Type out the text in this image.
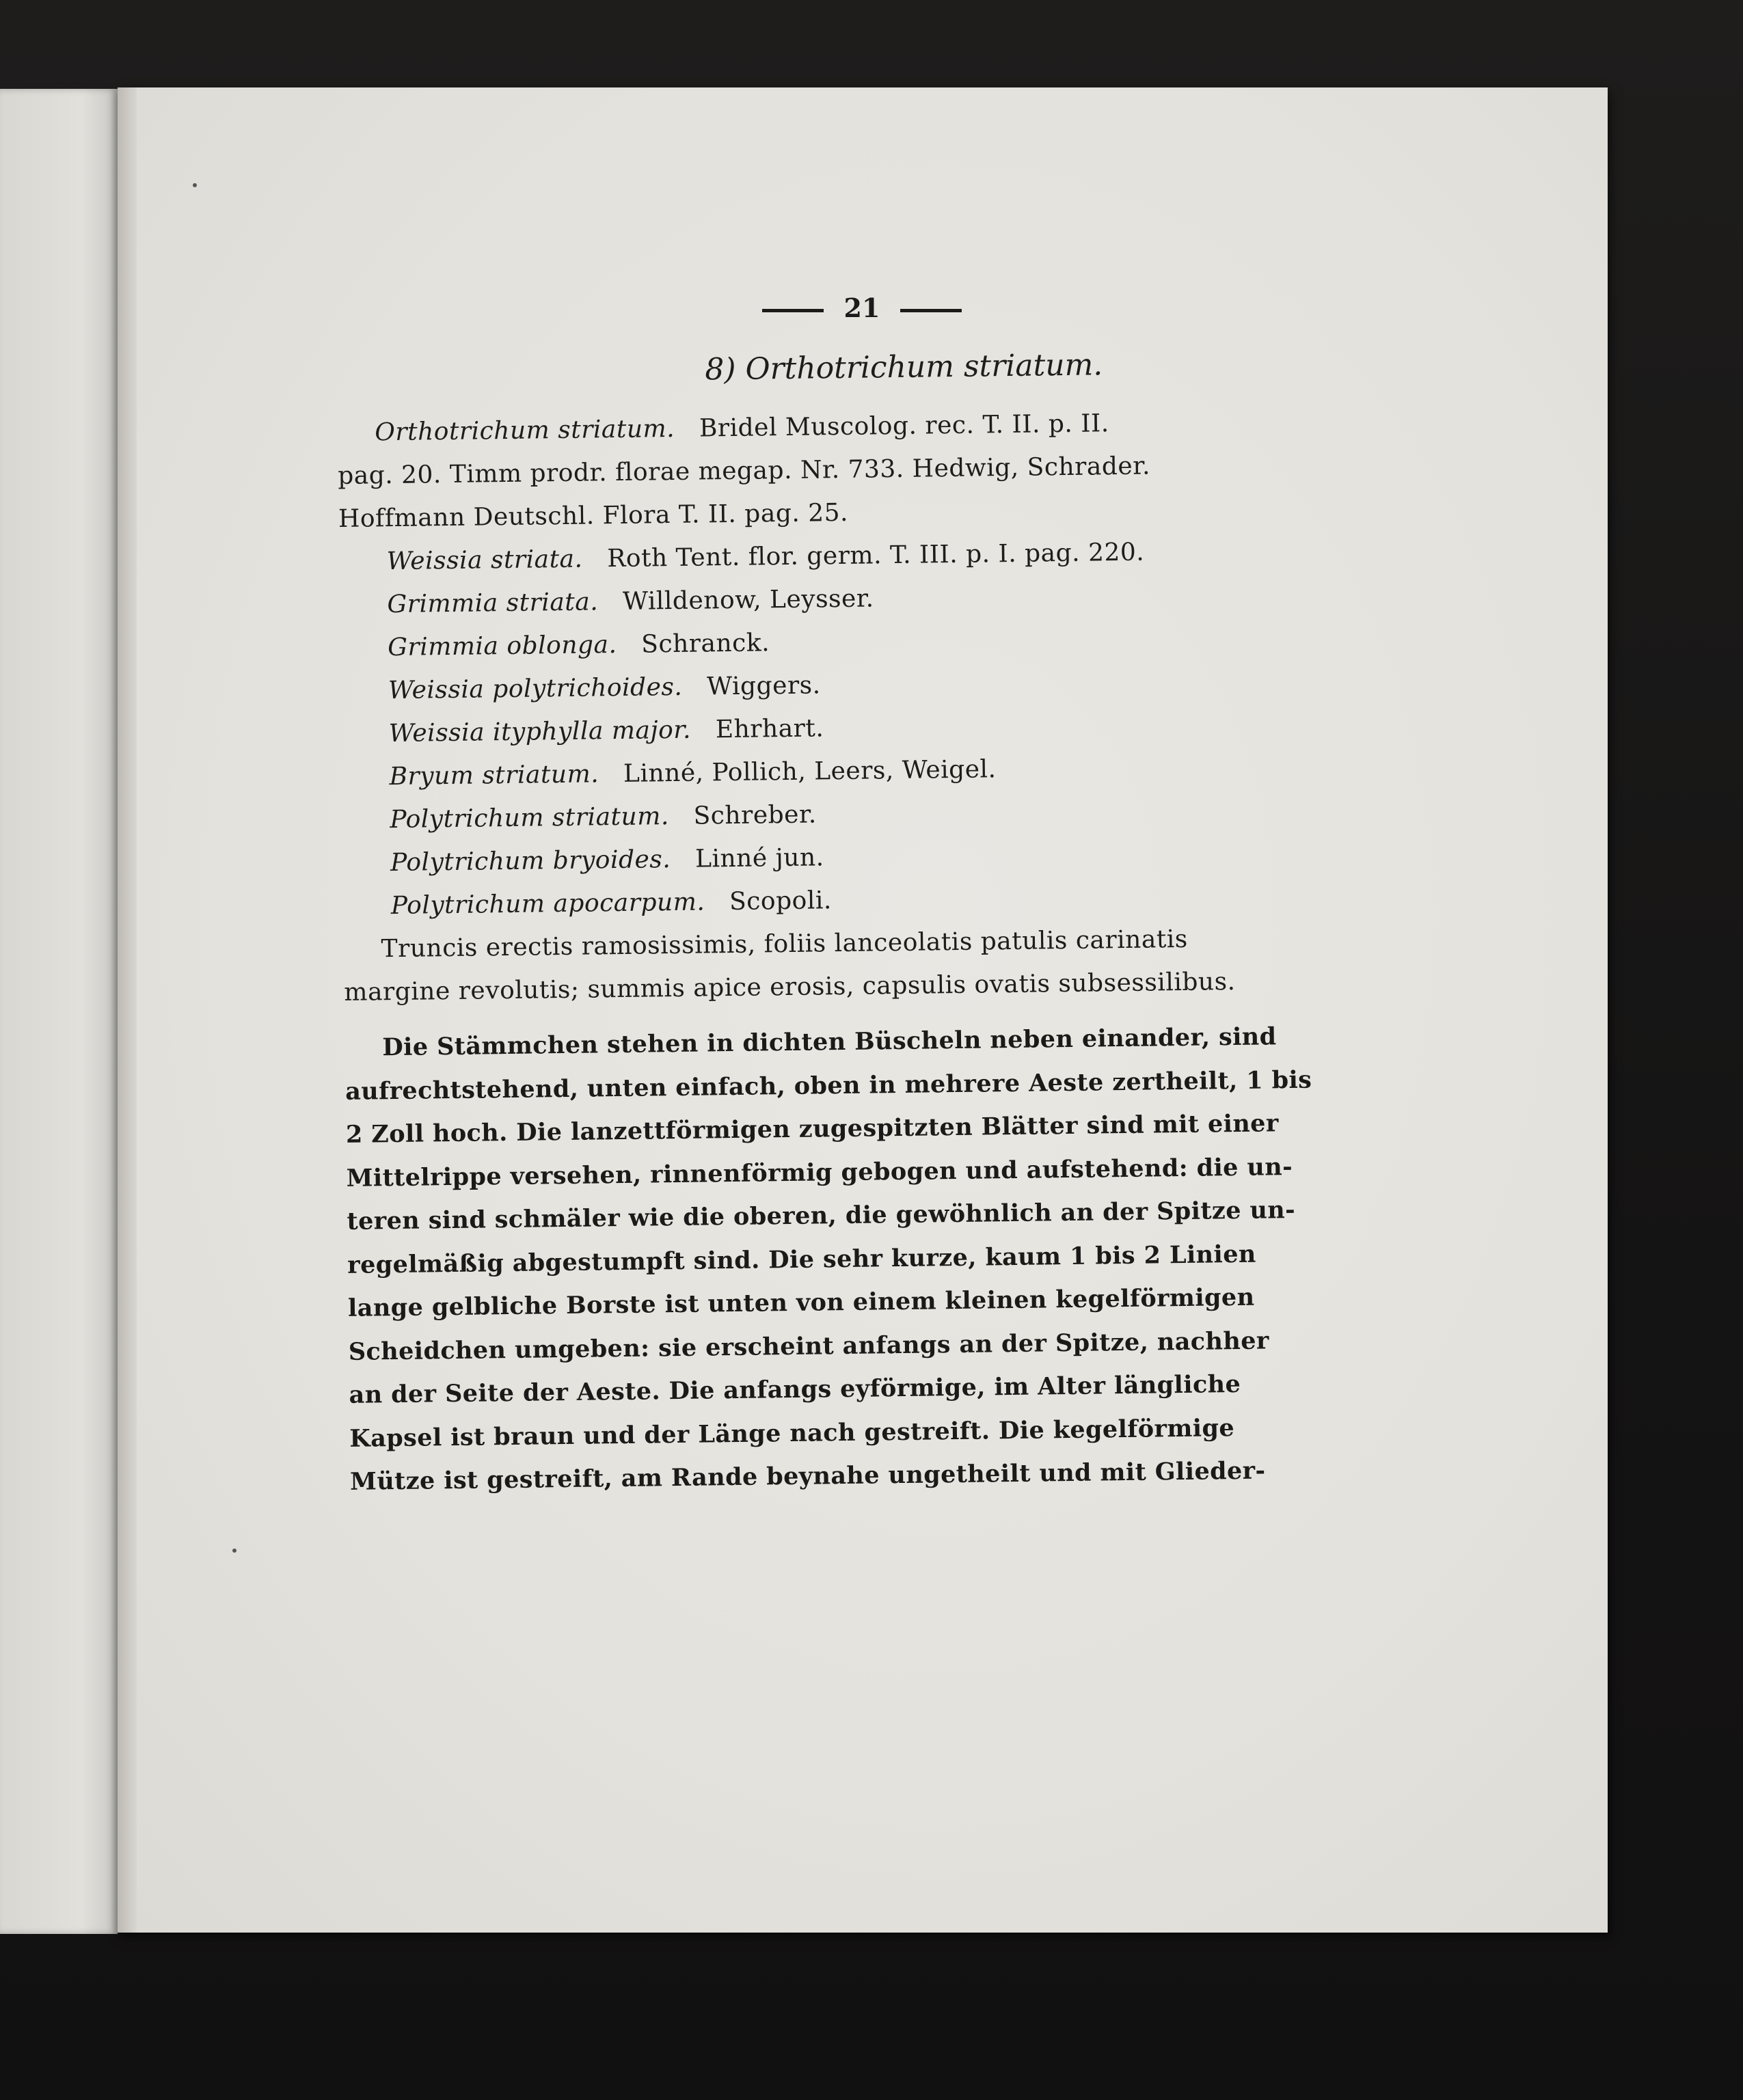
21
8) Orthotrichum striatum.
Orthotrichum striatum. Bridel Muscolog. rec. T. II. p. II.
pag. 20. Timm prodr. florae megap. Nr. 733. Hedwig, Schrader.
Hoffmann Deutschl. Flora T. II. pag. 25.
Weissia striata. Roth Tent. flor. germ. T. III. p. I. pag. 220.
Grimmia striata. Willdenow, Leysser.
Grimmia oblonga. Schranck.
Weissia polytrichoides. Wiggers.
Weissia ityphylla major. Ehrhart.
Bryum striatum. Linné, Pollich, Leers, Weigel.
Polytrichum striatum. Schreber.
Polytrichum bryoides. Linné jun.
Polytrichum apocarpum. Scopoli.
Truncis erectis ramosissimis, foliis lanceolatis patulis carinatis
margine revolutis; summis apice erosis, capsulis ovatis subsessilibus.
Die Stämmchen stehen in dichten Büscheln neben einander, sind
aufrechtstehend, unten einfach, oben in mehrere Aeste zertheilt, 1 bis
2 Zoll hoch. Die lanzettförmigen zugespitzten Blätter sind mit einer
Mittelrippe versehen, rinnenförmig gebogen und aufstehend: die un-
teren sind schmäler wie die oberen, die gewöhnlich an der Spitze un-
regelmäßig abgestumpft sind. Die sehr kurze, kaum 1 bis 2 Linien
lange gelbliche Borste ist unten von einem kleinen kegelförmigen
Scheidchen umgeben: sie erscheint anfangs an der Spitze, nachher
an der Seite der Aeste. Die anfangs eyförmige, im Alter längliche
Kapsel ist braun und der Länge nach gestreift. Die kegelförmige
Mütze ist gestreift, am Rande beynahe ungetheilt und mit Glieder-
